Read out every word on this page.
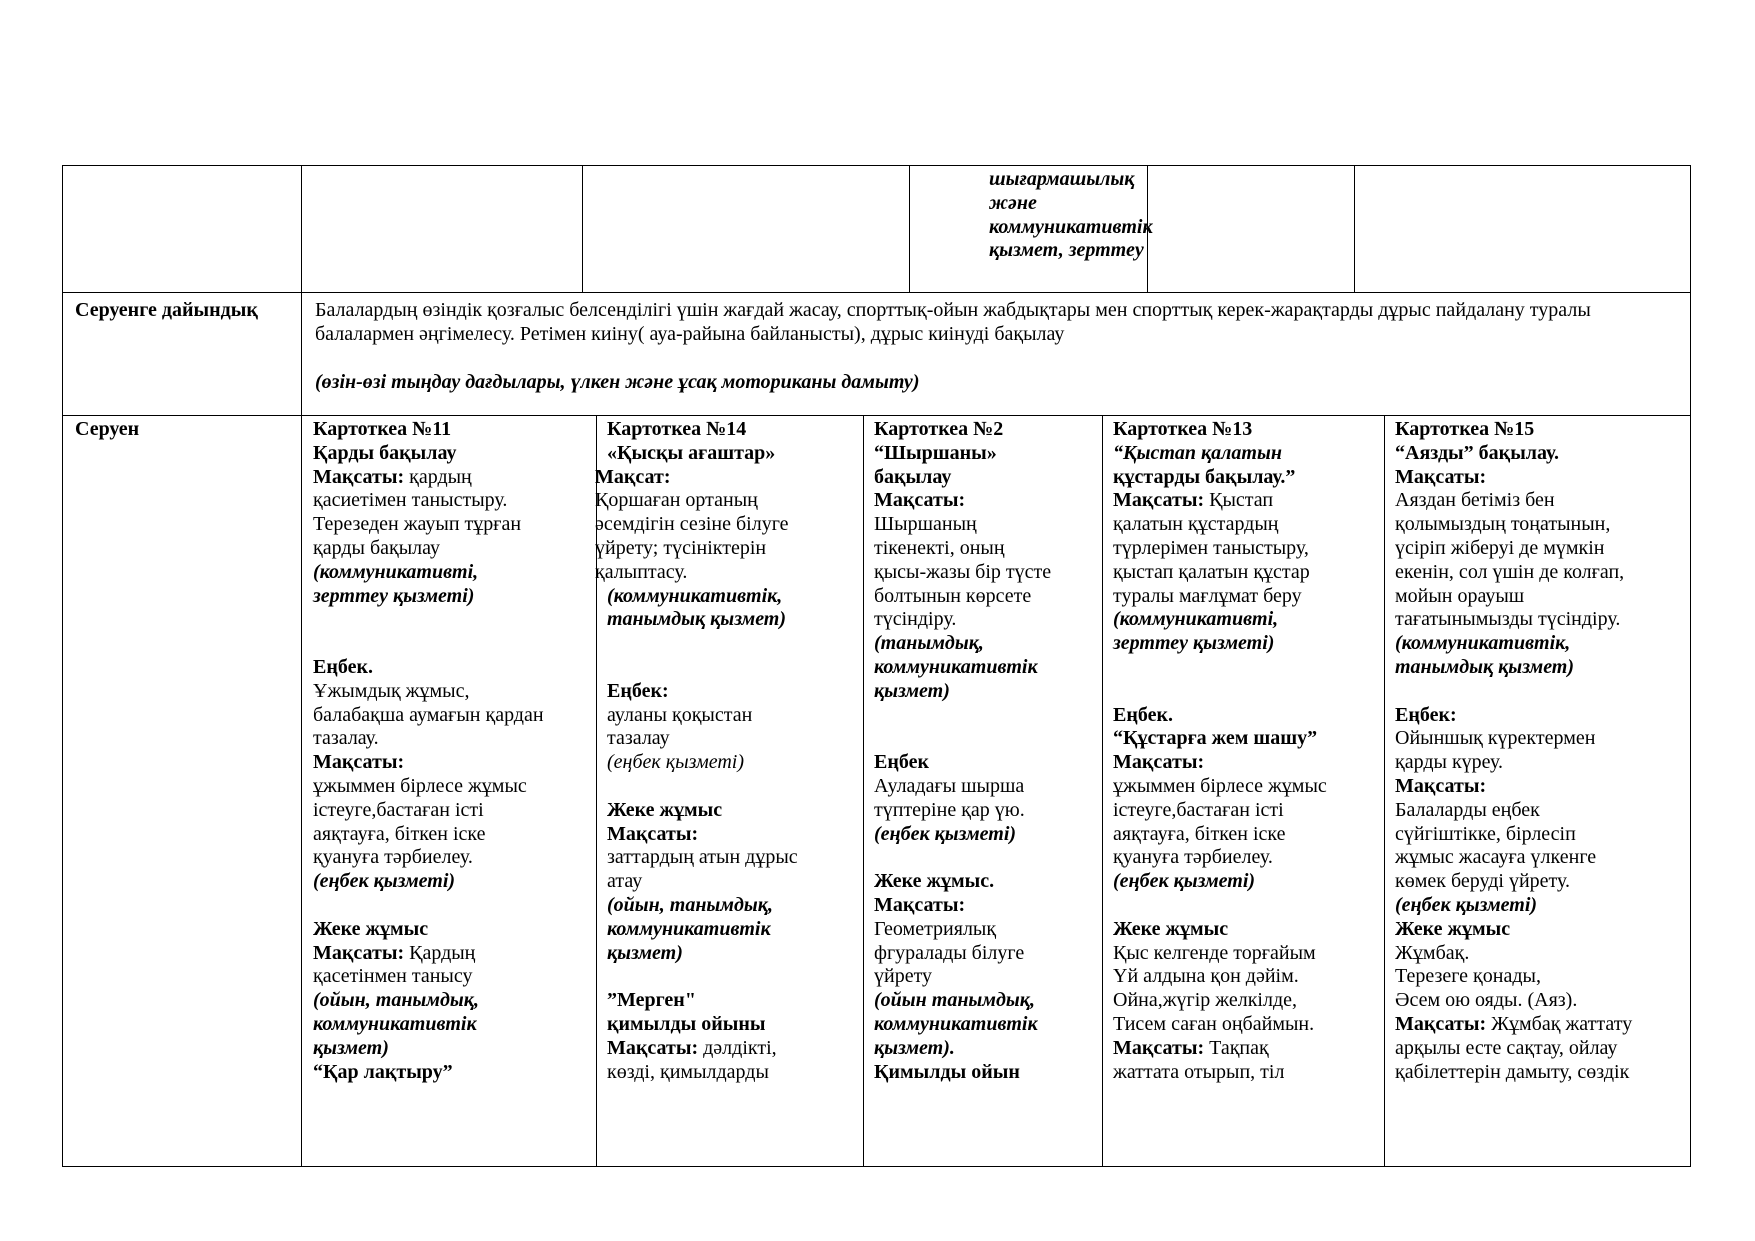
шығармашылық
және
коммуникативтік
қызмет, зерттеу
Серуенге дайындық	Балалардың өзіндік қозғалыс белсенділігі үшін жағдай жасау, спорттық-ойын жабдықтары мен спорттық керек-жарақтарды дұрыс пайдалану туралы балалармен әңгімелесу. Ретімен киіну( ауа-райына байланысты), дұрыс киінуді бақылау
(өзін-өзі тыңдау дағдылары, үлкен және ұсақ моториканы дамыту)
Серуен	Картоткеа №11
Қарды бақылау
Мақсаты: қардың
қасиетімен таныстыру.
Терезеден жауып тұрған
қарды бақылау
(коммуникативті,
зерттеу қызметі)
Еңбек.
Ұжымдық жұмыс,
балабақша аумағын қардан
тазалау.
Мақсаты:
ұжыммен бірлесе жұмыс
істеуге,бастаған істі
аяқтауға, біткен іске
қуануға тәрбиелеу.
(еңбек қызметі)
Жеке жұмыс
Мақсаты: Қардың
қасетінмен танысу
(ойын, танымдық,
коммуникативтік
қызмет)
“Қар лақтыру”
Картоткеа №14
«Қысқы ағаштар»
Мақсат:
Қоршаған ортаның
әсемдігін сезіне білуге
үйрету; түсініктерін
қалыптасу.
(коммуникативтік,
танымдық қызмет)
Еңбек:
ауланы қоқыстан
тазалау
(еңбек қызметі)
Жеке жұмыс
Мақсаты:
заттардың атын дұрыс
атау
(ойын, танымдық,
коммуникативтік
қызмет)
”Мерген"
қимылды ойыны
Мақсаты: дәлдікті,
көзді, қимылдарды
Картоткеа №2
“Шыршаны»
бақылау
Мақсаты:
Шыршаның
тікенекті, оның
қысы-жазы бір түсте
болтынын көрсете
түсіндіру.
(танымдық,
коммуникативтік
қызмет)
Еңбек
Ауладағы шырша
түптеріне қар үю.
(еңбек қызметі)
Жеке жұмыс.
Мақсаты:
Геометриялық
фгуралады білуге
үйрету
(ойын танымдық,
коммуникативтік
қызмет).
Қимылды ойын
Картоткеа №13
“Қыстап қалатын
құстарды бақылау.”
Мақсаты: Қыстап
қалатын құстардың
түрлерімен таныстыру,
қыстап қалатын құстар
туралы мағлұмат беру
(коммуникативті,
зерттеу қызметі)
Еңбек.
“Құстарға жем шашу”
Мақсаты:
ұжыммен бірлесе жұмыс
істеуге,бастаған істі
аяқтауға, біткен іске
қуануға тәрбиелеу.
(еңбек қызметі)
Жеке жұмыс
Қыс келгенде торғайым
Үй алдына қон дәйім.
Ойна,жүгір желкілде,
Тисем саған оңбаймын.
Мақсаты: Тақпақ
жаттата отырып, тіл
Картоткеа №15
“Аязды” бақылау.
Мақсаты:
Аяздан бетіміз бен
қолымыздың тоңатынын,
үсіріп жіберуі де мүмкін
екенін, сол үшін де колғап,
мойын орауыш
тағатынымызды түсіндіру.
(коммуникативтік,
танымдық қызмет)
Еңбек:
Ойыншық күректермен
қарды күреу.
Мақсаты:
Балаларды еңбек
сүйгіштікке, бірлесіп
жұмыс жасауға үлкенге
көмек беруді үйрету.
(еңбек қызметі)
Жеке жұмыс
Жұмбақ.
Терезеге қонады,
Әсем ою ояды. (Аяз).
Мақсаты: Жұмбақ жаттату
арқылы есте сақтау, ойлау
қабілеттерін дамыту, сөздік
